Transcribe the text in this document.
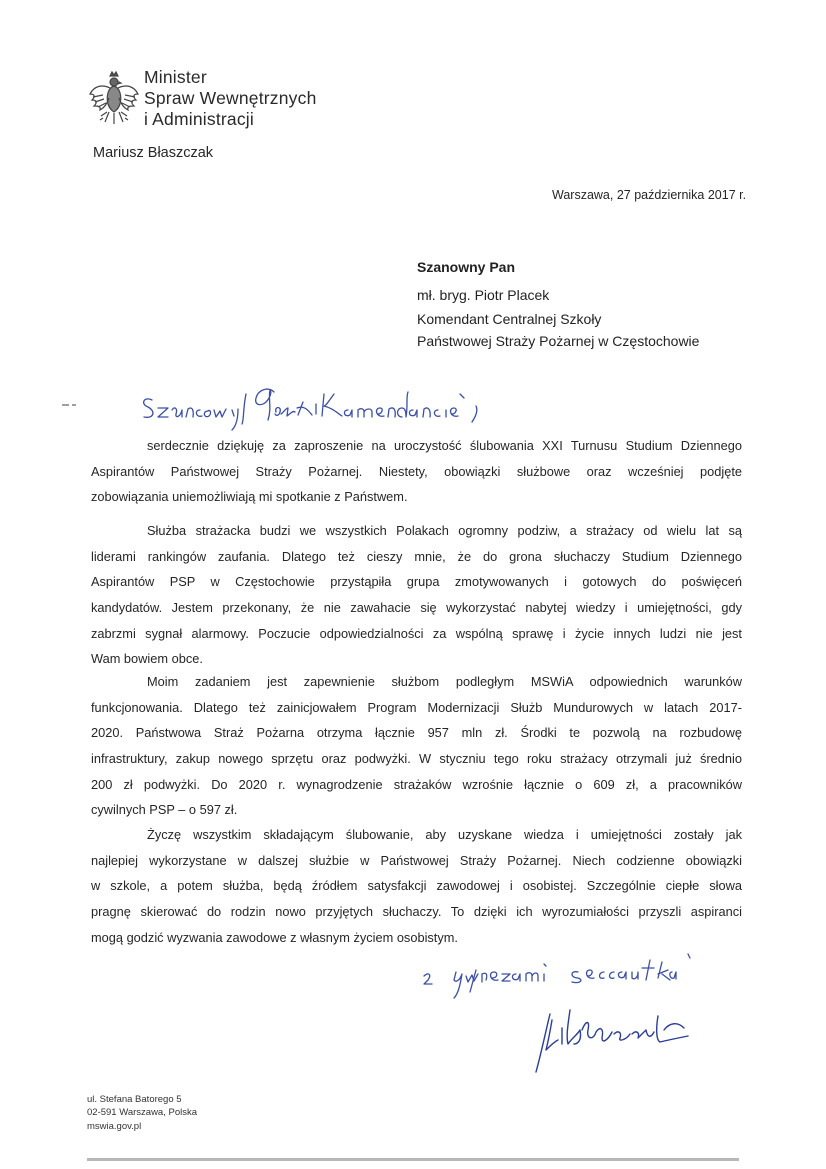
Minister
Spraw Wewnętrznych
i Administracji
Mariusz Błaszczak
Warszawa, 27 października 2017 r.
Szanowny Pan
mł. bryg. Piotr Placek
Komendant Centralnej Szkoły
Państwowej Straży Pożarnej w Częstochowie
serdecznie dziękuję za zaproszenie na uroczystość ślubowania XXI Turnusu Studium Dziennego
Aspirantów Państwowej Straży Pożarnej. Niestety, obowiązki służbowe oraz wcześniej podjęte
zobowiązania uniemożliwiają mi spotkanie z Państwem.
Służba strażacka budzi we wszystkich Polakach ogromny podziw, a strażacy od wielu lat są
liderami rankingów zaufania. Dlatego też cieszy mnie, że do grona słuchaczy Studium Dziennego
Aspirantów PSP w Częstochowie przystąpiła grupa zmotywowanych i gotowych do poświęceń
kandydatów. Jestem przekonany, że nie zawahacie się wykorzystać nabytej wiedzy i umiejętności, gdy
zabrzmi sygnał alarmowy. Poczucie odpowiedzialności za wspólną sprawę i życie innych ludzi nie jest
Wam bowiem obce.
Moim zadaniem jest zapewnienie służbom podległym MSWiA odpowiednich warunków
funkcjonowania. Dlatego też zainicjowałem Program Modernizacji Służb Mundurowych w latach 2017-
2020. Państwowa Straż Pożarna otrzyma łącznie 957 mln zł. Środki te pozwolą na rozbudowę
infrastruktury, zakup nowego sprzętu oraz podwyżki. W styczniu tego roku strażacy otrzymali już średnio
200 zł podwyżki. Do 2020 r. wynagrodzenie strażaków wzrośnie łącznie o 609 zł, a pracowników
cywilnych PSP – o 597 zł.
Życzę wszystkim składającym ślubowanie, aby uzyskane wiedza i umiejętności zostały jak
najlepiej wykorzystane w dalszej służbie w Państwowej Straży Pożarnej. Niech codzienne obowiązki
w szkole, a potem służba, będą źródłem satysfakcji zawodowej i osobistej. Szczególnie ciepłe słowa
pragnę skierować do rodzin nowo przyjętych słuchaczy. To dzięki ich wyrozumiałości przyszli aspiranci
mogą godzić wyzwania zawodowe z własnym życiem osobistym.
ul. Stefana Batorego 5
02-591 Warszawa, Polska
mswia.gov.pl
